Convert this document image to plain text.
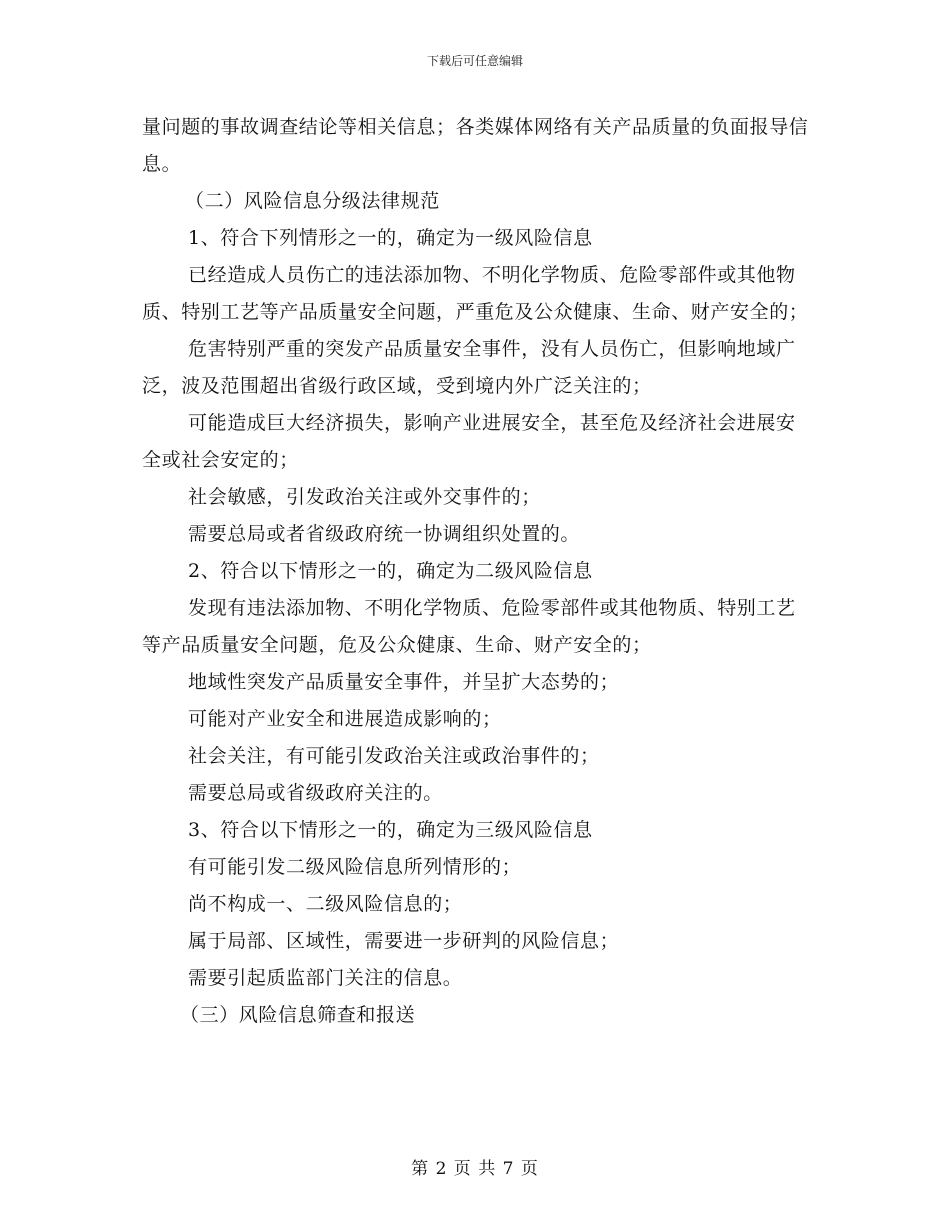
下载后可任意编辑

量问题的事故调查结论等相关信息；各类媒体网络有关产品质量的负面报导信息。

（二）风险信息分级法律规范

1、符合下列情形之一的，确定为一级风险信息

已经造成人员伤亡的违法添加物、不明化学物质、危险零部件或其他物质、特别工艺等产品质量安全问题，严重危及公众健康、生命、财产安全的；

危害特别严重的突发产品质量安全事件，没有人员伤亡，但影响地域广泛，波及范围超出省级行政区域，受到境内外广泛关注的；

可能造成巨大经济损失，影响产业进展安全，甚至危及经济社会进展安全或社会安定的；

社会敏感，引发政治关注或外交事件的；

需要总局或者省级政府统一协调组织处置的。

2、符合以下情形之一的，确定为二级风险信息

发现有违法添加物、不明化学物质、危险零部件或其他物质、特别工艺等产品质量安全问题，危及公众健康、生命、财产安全的；

地域性突发产品质量安全事件，并呈扩大态势的；

可能对产业安全和进展造成影响的；

社会关注，有可能引发政治关注或政治事件的；

需要总局或省级政府关注的。

3、符合以下情形之一的，确定为三级风险信息

有可能引发二级风险信息所列情形的；

尚不构成一、二级风险信息的；

属于局部、区域性，需要进一步研判的风险信息；

需要引起质监部门关注的信息。

（三）风险信息筛查和报送

第 2 页 共 7 页
